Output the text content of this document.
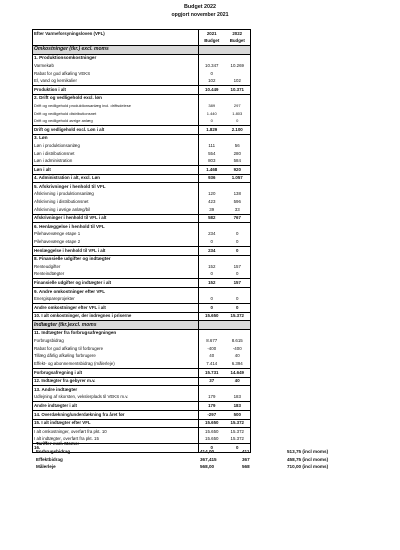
Budget 2022
opgjort november 2021
Efter Varmeforsyningsloven (VFL)	2021	2022
	Budget	Budget
Omkostninger (tkr.) excl. moms		
1. Produktionsomkostninger		
Varmekøb	10.347	10.269
Rabat for god afkøling VEKS	0	
El, vand og kemikalier	102	102
Produktion i alt	10.449	10.371
2. Drift og vedligehold excl. løn		
Drift og vedligehold produktionsanlæg incl. driftsdelese	389	297
Drift og vedligehold distributionsnet	1.440	1.803
Drift og vedligehold øvrige anlæg	0	0
Drift og vedligehold excl. Løn i alt	1.829	2.100
3. Løn		
Løn i produktionsanlæg	111	56
Løn i distributionsnet	554	280
Løn i administration	803	584
Løn i alt	1.468	920
4. Administration i alt, excl. Løn	936	1.057
5. Afskrivninger i henhold til VFL		
Afskrivning i produktionsanlæg	120	138
Afskrivning i distributionsnet	423	596
Afskrivning i øvrige anlæg/bil	39	33
Afskrivninger i henhold til VFL i alt	582	767
6. Henlæggelse i henhold til VFL		
Pilehavevænge etape 1	234	0
Pilehavevænge etape 2	0	0
Henlæggelse i henhold til VFL i alt	234	0
8. Finansielle udgifter og indtægter		
Renteudgifter	152	157
Renteindtægter	0	0
Finansielle udgifter og indtægter i alt	152	157
9. Andre omkostninger efter VFL		
Energispareprojekter	0	0
Andre omkostninger efter VFL i alt	0	0
10. I alt omkostninger, der indregnes i priserne	15.650	15.372
Indtægter (tkr.)excl. moms		
11. Indtægter fra forbrugsafregningen		
Forbrugsbidrag	8.677	8.615
Rabat for god afkøling til forbrugere	-400	-400
Tillæg dårlig afkøling forbrugere	40	40
Effekt- og abonnementsbidrag (målerleje)	7.414	6.394
Forbrugsafregning i alt	15.731	14.649
12. Indtægter fra gebyrer m.v.	37	40
13. Andre indtægter		
Udlejning af skorsten, vekslerplads til VEKS m.v.	179	183
Andre indtægter i alt	179	183
14. Overdækning/underdækning fra året før	-297	500
15. I alt indtægter efter VFL	15.650	15.372
I alt omkostninger, overført fra pkt. 10	15.650	15.372
I alt indtægter, overført fra pkt. 15	15.650	15.372
16.	0	0
Tariffer excl. Moms:
Forbrugsbidrag	414,00	411	513,75 (incl moms)
Effektbidrag	367,415	367	458,75 (incl moms)
Målerleje	568,00	568	710,00 (incl moms)
